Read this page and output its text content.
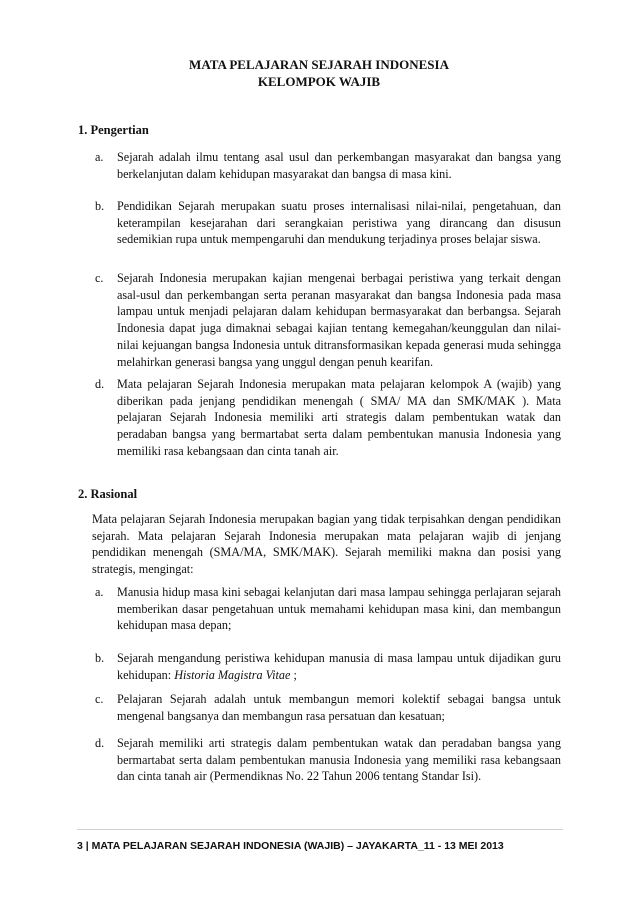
MATA PELAJARAN SEJARAH INDONESIA
KELOMPOK WAJIB
1. Pengertian
a. Sejarah adalah ilmu tentang asal usul dan perkembangan masyarakat dan bangsa yang berkelanjutan dalam kehidupan masyarakat dan bangsa di masa kini.
b. Pendidikan Sejarah merupakan suatu proses internalisasi nilai-nilai, pengetahuan, dan keterampilan kesejarahan dari serangkaian peristiwa yang dirancang dan disusun sedemikian rupa untuk mempengaruhi dan mendukung terjadinya proses belajar siswa.
c. Sejarah Indonesia merupakan kajian mengenai berbagai peristiwa yang terkait dengan asal-usul dan perkembangan serta peranan masyarakat dan bangsa Indonesia pada masa lampau untuk menjadi pelajaran dalam kehidupan bermasyarakat dan berbangsa. Sejarah Indonesia dapat juga dimaknai sebagai kajian tentang kemegahan/keunggulan dan nilai-nilai kejuangan bangsa Indonesia untuk ditransformasikan kepada generasi muda sehingga melahirkan generasi bangsa yang unggul dengan penuh kearifan.
d. Mata pelajaran Sejarah Indonesia merupakan mata pelajaran kelompok A (wajib) yang diberikan pada jenjang pendidikan menengah ( SMA/ MA dan SMK/MAK ). Mata pelajaran Sejarah Indonesia memiliki arti strategis dalam pembentukan watak dan peradaban bangsa yang bermartabat serta dalam pembentukan manusia Indonesia yang memiliki rasa kebangsaan dan cinta tanah air.
2. Rasional
Mata pelajaran Sejarah Indonesia merupakan bagian yang tidak terpisahkan dengan pendidikan sejarah. Mata pelajaran Sejarah Indonesia merupakan mata pelajaran wajib di jenjang pendidikan menengah (SMA/MA, SMK/MAK). Sejarah memiliki makna dan posisi yang strategis, mengingat:
a. Manusia hidup masa kini sebagai kelanjutan dari masa lampau sehingga perlajaran sejarah memberikan dasar pengetahuan untuk memahami kehidupan masa kini, dan membangun kehidupan masa depan;
b. Sejarah mengandung peristiwa kehidupan manusia di masa lampau untuk dijadikan guru kehidupan: Historia Magistra Vitae ;
c. Pelajaran Sejarah adalah untuk membangun memori kolektif sebagai bangsa untuk mengenal bangsanya dan membangun rasa persatuan dan kesatuan;
d. Sejarah memiliki arti strategis dalam pembentukan watak dan peradaban bangsa yang bermartabat serta dalam pembentukan manusia Indonesia yang memiliki rasa kebangsaan dan cinta tanah air (Permendiknas No. 22 Tahun 2006 tentang Standar Isi).
3 | MATA PELAJARAN SEJARAH INDONESIA (WAJIB) – JAYAKARTA_11 - 13 MEI 2013
